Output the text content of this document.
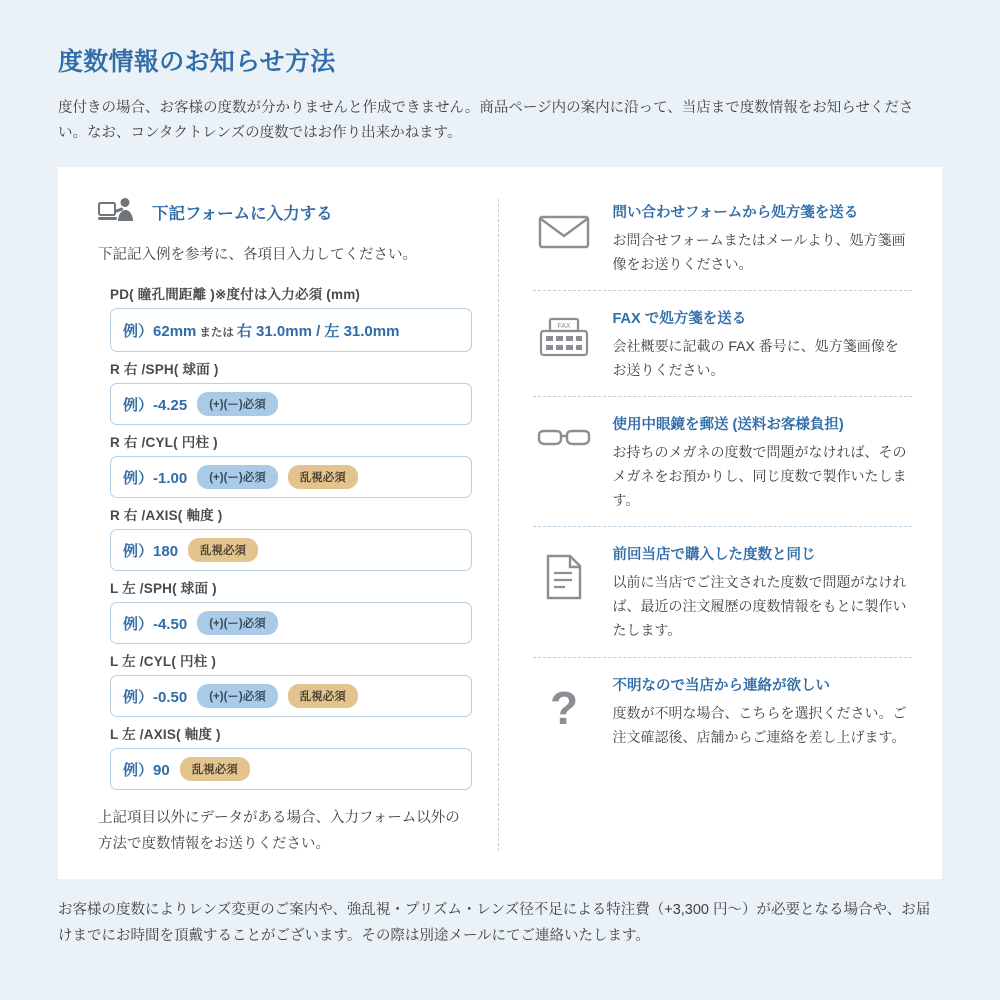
度数情報のお知らせ方法

度付きの場合、お客様の度数が分かりませんと作成できません。商品ページ内の案内に沿って、当店まで度数情報をお知らせください。なお、コンタクトレンズの度数ではお作り出来かねます。

下記フォームに入力する
下記記入例を参考に、各項目入力してください。
PD( 瞳孔間距離 )※度付は入力必須 (mm)
例）62mm または 右 31.0mm / 左 31.0mm
R 右 /SPH( 球面 )
例）-4.25	(+)(ー)必須
R 右 /CYL( 円柱 )
例）-1.00	(+)(ー)必須	乱視必須
R 右 /AXIS( 軸度 )
例）180	乱視必須
L 左 /SPH( 球面 )
例）-4.50	(+)(ー)必須
L 左 /CYL( 円柱 )
例）-0.50	(+)(ー)必須	乱視必須
L 左 /AXIS( 軸度 )
例）90	乱視必須
上記項目以外にデータがある場合、入力フォーム以外の方法で度数情報をお送りください。
問い合わせフォームから処方箋を送る
お問合せフォームまたはメールより、処方箋画像をお送りください。
FAX	FAX で処方箋を送る
会社概要に記載の FAX 番号に、処方箋画像をお送りください。
使用中眼鏡を郵送 (送料お客様負担)
お持ちのメガネの度数で問題がなければ、そのメガネをお預かりし、同じ度数で製作いたします。
前回当店で購入した度数と同じ
以前に当店でご注文された度数で問題がなければ、最近の注文履歴の度数情報をもとに製作いたします。
? 不明なので当店から連絡が欲しい
度数が不明な場合、こちらを選択ください。ご注文確認後、店舗からご連絡を差し上げます。
お客様の度数によりレンズ変更のご案内や、強乱視・プリズム・レンズ径不足による特注費（+3,300 円～）が必要となる場合や、お届けまでにお時間を頂戴することがございます。その際は別途メールにてご連絡いたします。
